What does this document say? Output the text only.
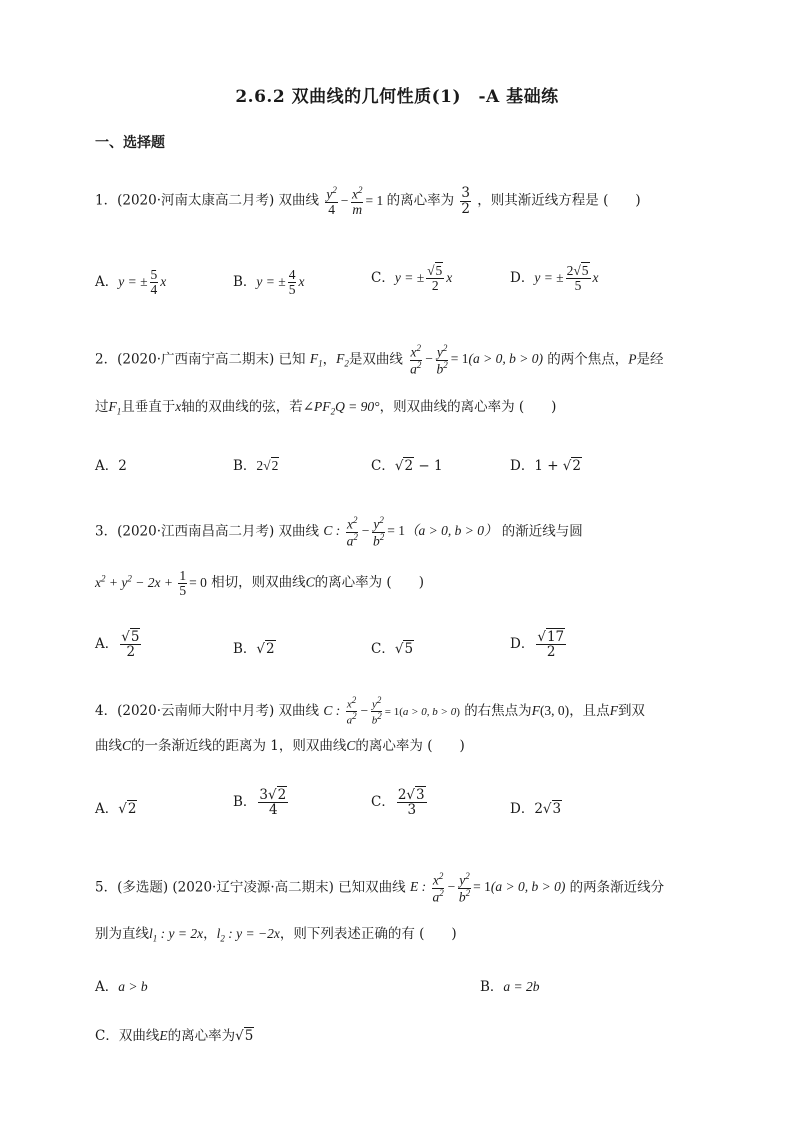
2.6.2 双曲线的几何性质(1)　-A 基础练
一、选择题
1．(2020·河南太康高二月考) 双曲线 $\frac{y^2}{4} - \frac{x^2}{m} = 1$ 的离心率为 $\frac{3}{2}$ ，则其渐近线方程是 (　　)
A．y = ± $\frac{5}{4}$ x	B．y = ± $\frac{4}{5}$ x	C．y = ± $\frac{√5}{2}$ x	D．y = ± $\frac{2√5}{5}$ x
2．(2020·广西南宁高二期末) 已知 $F_1$，$F_2$是双曲线 $\frac{x^2}{a^2} - \frac{y^2}{b^2} = 1(a > 0$, b > 0) 的两个焦点，P是经
过$F_1$且垂直于x轴的双曲线的弦，若$\angle PF_2Q = 90^\circ$，则双曲线的离心率为 (　　)
A．2	B．2√2	C．√2 − 1	D．1 + √2
3．(2020·江西南昌高二月考) 双曲线 C : $\frac{x^2}{a^2} - \frac{y^2}{b^2} = 1(a > 0$, b > 0） 的渐近线与圆
$x^2 + y^2 - 2x + \frac{1}{5} = 0$ 相切，则双曲线C的离心率为 (　　)
A． $\frac{√5}{2}$	B．√2	C．√5	D． $\frac{√17}{2}$
4．(2020·云南师大附中月考) 双曲线 C : $\frac{x^2}{a^2} - \frac{y^2}{b^2} = 1(a > 0$, b > 0) 的右焦点为F(3, 0)，且点F到双
曲线C的一条渐近线的距离为 1，则双曲线C的离心率为 (　　)
A．√2	B． $\frac{3√2}{4}$	C． $\frac{2√3}{3}$	D．2√3
5．(多选题) (2020·辽宁凌源·高二期末) 已知双曲线 E : $\frac{x^2}{a^2} - \frac{y^2}{b^2} = 1(a > 0$, b > 0) 的两条渐近线分
别为直线$l_1$ : y = 2x，$l_2$ : y = −2x，则下列表述正确的有 (　　)
A．a > b	B．a = 2b
C．双曲线E的离心率为√5
